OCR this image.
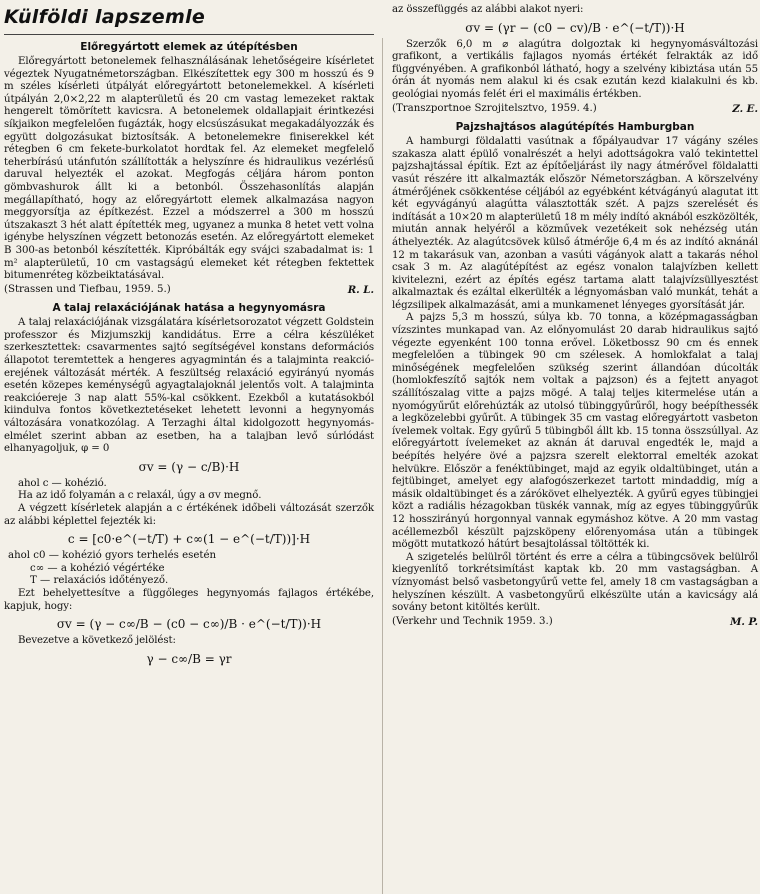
Külföldi lapszemle
Előregyártott elemek az útépítésben

Előregyártott betonelemek felhasználásának lehetőségeire kísérletet végeztek Nyugatnémetországban. Elkészítettek egy 300 m hosszú és 9 m széles kísérleti útpályát előregyártott betonelemekkel. A kísérleti útpályán 2,0×2,22 m alapterületű és 20 cm vastag lemezeket raktak hengerelt tömörített kavicsra. A betonelemek oldallapjait érintkezési síkjaikon megfelelően fugázták, hogy elcsúszásukat megakadályozzák és együtt dolgozásukat biztosítsák. A betonelemekre finiserekkel két rétegben 6 cm fekete-burkolatot hordtak fel. Az elemeket megfelelő teherbírású utánfutón szállították a helyszínre és hidraulikus vezérlésű daruval helyezték el azokat. Megfogás céljára három ponton gömbvashurok állt ki a betonból. Összehasonlítás alapján megállapítható, hogy az előregyártott elemek alkalmazása nagyon meggyorsítja az építkezést. Ezzel a módszerrel a 300 m hosszú útszakaszt 3 hét alatt építették meg, ugyanez a munka 8 hetet vett volna igénybe helyszínen végzett betonozás esetén. Az előregyártott elemeket B 300-as betonból készítették. Kipróbálták egy svájci szabadalmat is: 1 m² alapterületű, 10 cm vastagságú elemeket két rétegben fektettek bitumenréteg közbeiktatásával.

(Strassen und Tiefbau, 1959. 5.)	R. L.
A talaj relaxációjának hatása a hegynyomásra

A talaj relaxációjának vizsgálatára kísérletsorozatot végzett Goldstein professzor és Mizjumszkij kandidátus. Erre a célra készüléket szerkesztettek: csavarmentes sajtó segítségével konstans deformációs állapotot teremtettek a hengeres agyagmintán és a talajminta reakció-erejének változását mérték. A feszültség relaxáció egyirányú nyomás esetén közepes keménységű agyagtalajoknál jelentős volt. A talajminta reakcióereje 3 nap alatt 55%-kal csökkent. Ezekből a kutatásokból kiindulva fontos következtetéseket lehetett levonni a hegynyomás változására vonatkozólag. A Terzaghi által kidolgozott hegynyomás-elmélet szerint abban az esetben, ha a talajban levő súrlódást elhanyagoljuk, φ = 0

σv = (γ − c/B)·H

ahol c — kohézió.

Ha az idő folyamán a c relaxál, úgy a σv megnő.

A végzett kísérletek alapján a c értékének időbeli változását szerzők az alábbi képlettel fejezték ki:

c = [c0·e^(−t/T) + c∞(1 − e^(−t/T))]·H
ahol c0 — kohézió gyors terhelés esetén
c∞ — a kohézió végértéke
T — relaxációs időtényező.

Ezt behelyettesítve a függőleges hegynyomás fajlagos értékébe, kapjuk, hogy:

σv = (γ − c∞/B − (c0 − c∞)/B · e^(−t/T))·H

Bevezetve a következő jelölést:

γ − c∞/B = γr

az összefüggés az alábbi alakot nyeri:

σv = (γr − (c0 − cv)/B · e^(−t/T))·H

Szerzők 6,0 m ⌀ alagútra dolgoztak ki hegynyomásváltozási grafikont, a vertikális fajlagos nyomás értékét felrakták az idő függvényében. A grafikonból látható, hogy a szelvény kibiztása után 55 órán át nyomás nem alakul ki és csak ezután kezd kialakulni és kb. geológiai nyomás felét éri el maximális értékben.

(Transzportnoe Szrojitelsztvo, 1959. 4.)	Z. E.
Pajzshajtásos alagútépítés Hamburgban

A hamburgi földalatti vasútnak a főpályaudvar 17 vágány széles szakasza alatt épülő vonalrészét a helyi adottságokra való tekintettel pajzshajtással építik. Ezt az építőeljárást ily nagy átmérővel földalatti vasút részére itt alkalmazták először Németországban. A körszelvény átmérőjének csökkentése céljából az egyébként kétvágányú alagutat itt két egyvágányú alagútta választották szét. A pajzs szerelését és indítását a 10×20 m alapterületű 18 m mély indító aknából eszközölték, miután annak helyéről a közművek vezetékeit sok nehézség után áthelyezték. Az alagútcsövek külső átmérője 6,4 m és az indító aknánál 12 m takarásuk van, azonban a vasúti vágányok alatt a takarás néhol csak 3 m. Az alagútépítést az egész vonalon talajvízben kellett kivitelezni, ezért az építés egész tartama alatt talajvízsüllyesztést alkalmaztak és ezáltal elkerülték a légnyomásban való munkát, tehát a légzsilipek alkalmazását, ami a munkamenet lényeges gyorsítását jár.

A pajzs 5,3 m hosszú, súlya kb. 70 tonna, a középmagasságban vízszintes munkapad van. Az előnyomulást 20 darab hidraulikus sajtó végezte egyenként 100 tonna erővel. Löketbossz 90 cm és ennek megfelelően a tübingek 90 cm szélesek. A homlokfalat a talaj minőségének megfelelően szükség szerint állandóan dúcolták (homlokfeszítő sajtók nem voltak a pajzson) és a fejtett anyagot szállítószalag vitte a pajzs mögé. A talaj teljes kitermelése után a nyomógyűrűt előrehúzták az utolsó tübinggyűrűről, hogy beépíthessék a legközelebbi gyűrűt. A tübingek 35 cm vastag előregyártott vasbeton ívelemek voltak. Egy gyűrű 5 tübingből állt kb. 15 tonna összsúllyal. Az előregyártott ívelemeket az aknán át daruval engedték le, majd a beépítés helyére övé a pajzsra szerelt elektorral emelték azokat helvükre. Először a fenéktübinget, majd az egyik oldaltübinget, után a fejtübinget, amelyet egy alafogószerkezet tartott mindaddig, míg a másik oldaltübinget és a zárókövet elhelyezték. A gyűrű egyes tübingjei közt a radiális hézagokban tüskék vannak, míg az egyes tübinggyűrűk 12 hosszirányú horgonnyal vannak egymáshoz kötve. A 20 mm vastag acéllemezből készült pajzsköpeny előrenyomása után a tübingek mögött mutatkozó hátúrt besajtolással töltötték ki.

A szigetelés belülről történt és erre a célra a tübingcsövek belülről kiegyenlítő torkrétsimítást kaptak kb. 20 mm vastagságban. A víznyomást belső vasbetongyűrű vette fel, amely 18 cm vastagságban a helyszínen készült. A vasbetongyűrű elkészülte után a kavicságy alá sovány betont kitöltés került.

(Verkehr und Technik 1959. 3.)	M. P.
